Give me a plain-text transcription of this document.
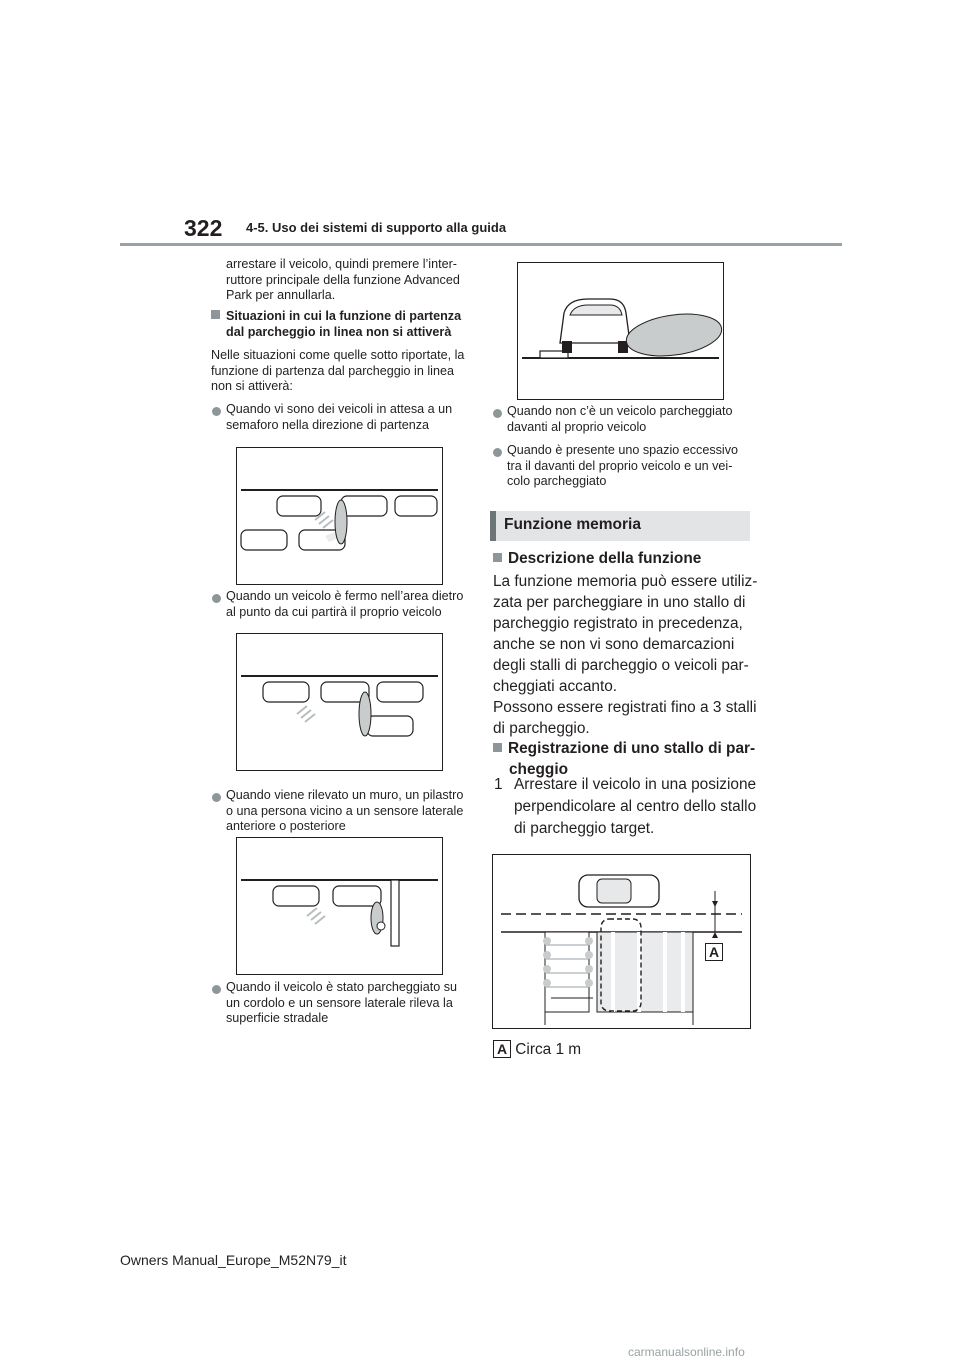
322 4-5. Uso dei sistemi di supporto alla guida
arrestare il veicolo, quindi premere l’inter-
ruttore principale della funzione Advanced
Park per annullarla.
Situazioni in cui la funzione di partenza
dal parcheggio in linea non si attiverà
Nelle situazioni come quelle sotto riportate, la
funzione di partenza dal parcheggio in linea
non si attiverà:
Quando vi sono dei veicoli in attesa a un
semaforo nella direzione di partenza
Quando un veicolo è fermo nell’area dietro
al punto da cui partirà il proprio veicolo
Quando viene rilevato un muro, un pilastro
o una persona vicino a un sensore laterale
anteriore o posteriore
Quando il veicolo è stato parcheggiato su
un cordolo e un sensore laterale rileva la
superficie stradale
Quando non c’è un veicolo parcheggiato
davanti al proprio veicolo
Quando è presente uno spazio eccessivo
tra il davanti del proprio veicolo e un vei-
colo parcheggiato
Funzione memoria
Descrizione della funzione
La funzione memoria può essere utiliz-
zata per parcheggiare in uno stallo di
parcheggio registrato in precedenza,
anche se non vi sono demarcazioni
degli stalli di parcheggio o veicoli par-
cheggiati accanto.
Possono essere registrati fino a 3 stalli
di parcheggio.
Registrazione di uno stallo di par-
cheggio
1 Arrestare il veicolo in una posizione
perpendicolare al centro dello stallo
di parcheggio target.
A
A Circa 1 m
Owners Manual_Europe_M52N79_it
carmanualsonline.info
